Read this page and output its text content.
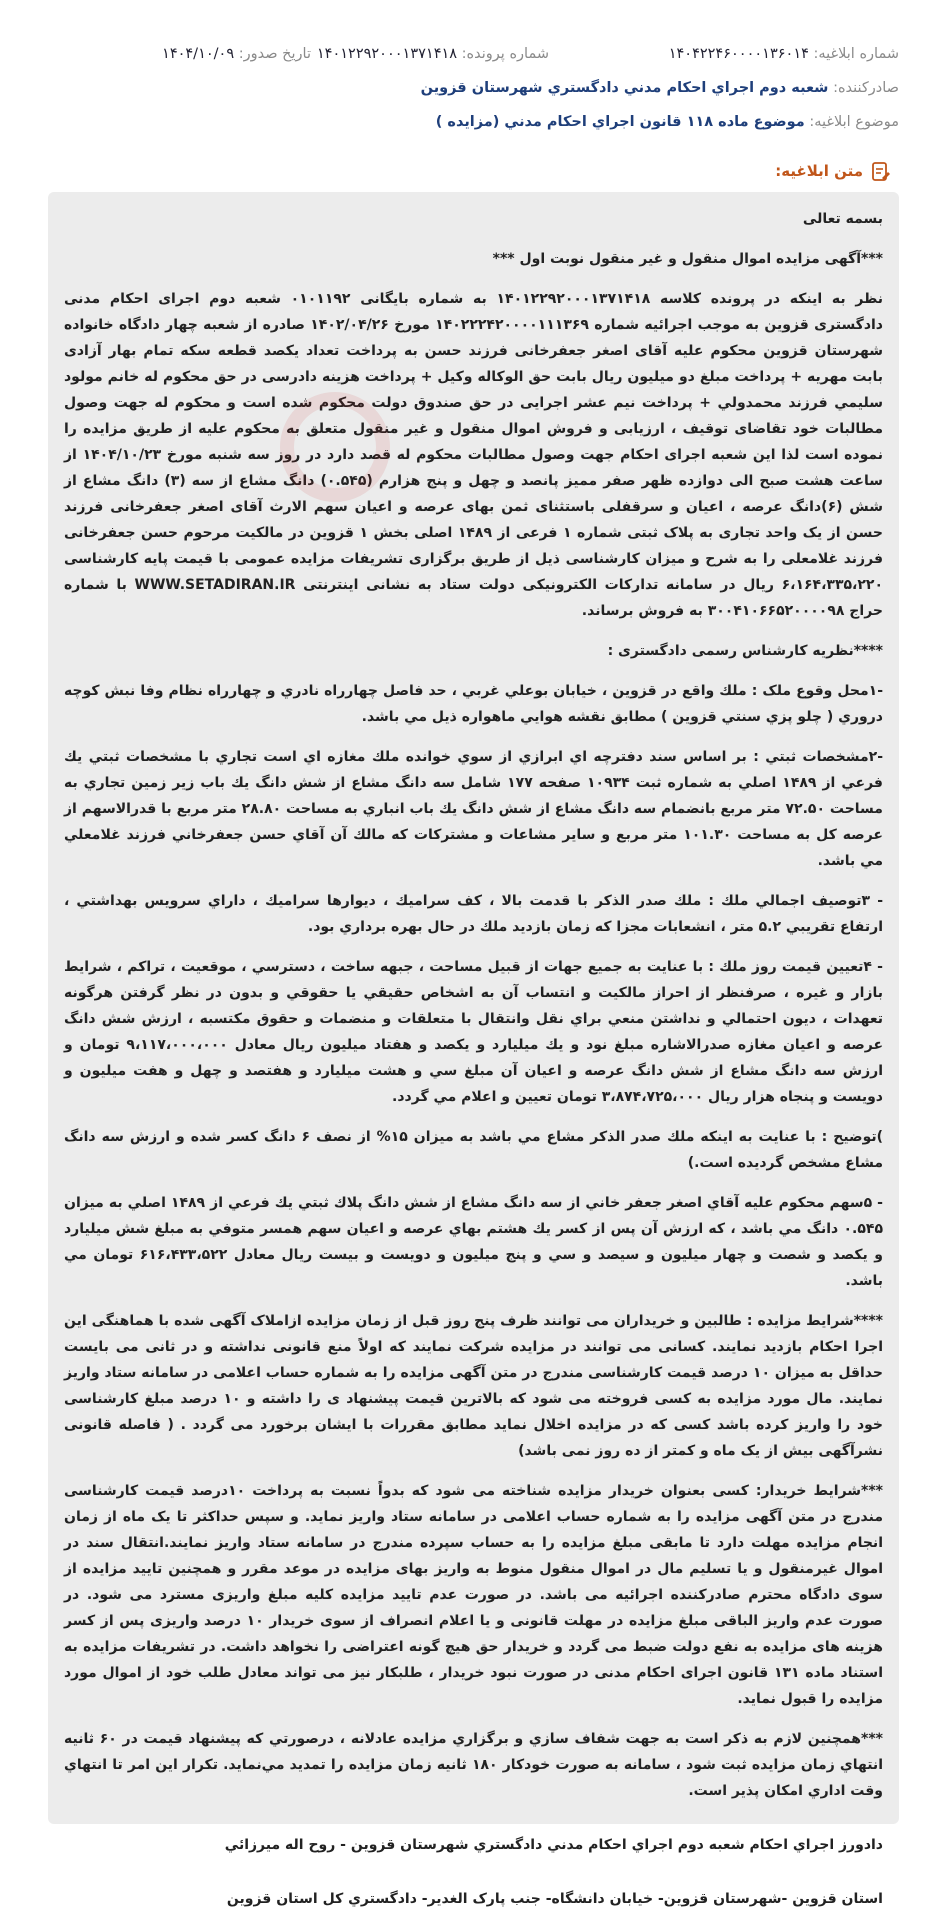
شماره ابلاغيه: ۱۴۰۴۲۲۴۶۰۰۰۰۱۳۶۰۱۴
شماره پرونده: ۱۴۰۱۲۲۹۲۰۰۰۱۳۷۱۴۱۸
تاريخ صدور: ۱۴۰۴/۱۰/۰۹
صادرکننده: شعبه دوم اجراي احکام مدني دادگستري شهرستان قزوين
موضوع ابلاغيه: موضوع ماده ۱۱۸ قانون اجراي احکام مدني (مزايده )
متن ابلاغيه:

بسمه تعالی

***آگهی مزایده اموال منقول و غیر منقول نوبت اول ***

نظر به اینکه در پرونده کلاسه ۱۴۰۱۲۲۹۲۰۰۰۱۳۷۱۴۱۸ به شماره بایگانی ۰۱۰۱۱۹۲ شعبه دوم اجرای احکام مدنی دادگستری قزوین به موجب اجرائیه شماره ۱۴۰۲۲۲۴۲۰۰۰۰۱۱۱۳۶۹ مورخ ۱۴۰۲/۰۴/۲۶ صادره از شعبه چهار دادگاه خانواده شهرستان قزوین محکوم علیه آقای اصغر جعفرخانی فرزند حسن به پرداخت تعداد یکصد قطعه سکه تمام بهار آزادی بابت مهریه + پرداخت مبلغ دو میلیون ریال بابت حق الوکاله وکیل + پرداخت هزینه دادرسی در حق محکوم له خانم مولود سلیمي فرزند محمدولي + پرداخت نیم عشر اجرایی در حق صندوق دولت محکوم شده است و محکوم له جهت وصول مطالبات خود تقاضای توقیف ، ارزیابی و فروش اموال منقول و غیر منقول متعلق به محکوم علیه از طریق مزایده را نموده است لذا این شعبه اجرای احکام جهت وصول مطالبات محکوم له قصد دارد در روز سه شنبه مورخ ۱۴۰۴/۱۰/۲۳ از ساعت هشت صبح الی دوازده ظهر صفر ممیز پانصد و چهل و پنج هزارم (۰.۵۴۵) دانگ مشاع از سه (۳) دانگ مشاع از شش (۶)دانگ عرصه ، اعیان و سرقفلی باستثنای ثمن بهای عرصه و اعیان سهم الارث آقای اصغر جعفرخانی فرزند حسن از یک واحد تجاری به پلاک ثبتی شماره ۱ فرعی از ۱۴۸۹ اصلی بخش ۱ قزوین در مالکیت مرحوم حسن جعفرخانی فرزند غلامعلی را به شرح و میزان کارشناسی ذیل از طریق برگزاری تشریفات مزایده عمومی با قیمت پایه کارشناسی ۶،۱۶۴،۳۳۵،۲۲۰ ریال در سامانه تدارکات الکترونیکی دولت ستاد به نشانی اینترنتی WWW.SETADIRAN.IR با شماره حراج ۳۰۰۴۱۰۶۶۵۲۰۰۰۰۹۸ به فروش برساند.

****نظریه کارشناس رسمی دادگستری :

-۱محل وقوع ملک : ملك واقع در قزوين ، خيابان بوعلي غربي ، حد فاصل چهارراه نادري و چهارراه نظام وفا نبش كوچه دروري ( چلو پزي سنتي قزوين ) مطابق نقشه هوايي ماهواره ذيل مي باشد.

-۲مشخصات ثبتي : بر اساس سند دفترچه اي ابرازي از سوي خوانده ملك مغازه اي است تجاري با مشخصات ثبتي يك فرعي از ۱۴۸۹ اصلي به شماره ثبت ۱۰۹۳۴ صفحه ۱۷۷ شامل سه دانگ مشاع از شش دانگ يك باب زير زمين تجاري به مساحت ۷۲.۵۰ متر مربع بانضمام سه دانگ مشاع از شش دانگ يك باب انباري به مساحت ۲۸.۸۰ متر مربع با قدرالاسهم از عرصه كل به مساحت ۱۰۱.۳۰ متر مربع و ساير مشاعات و مشتركات كه مالك آن آقاي حسن جعفرخاني فرزند غلامعلي مي باشد.

- ۳توصيف اجمالي ملك : ملك صدر الذكر با قدمت بالا ، كف سراميك ، ديوارها سراميك ، داراي سرويس بهداشتي ، ارتفاع تقريبي ۵.۲ متر ، انشعابات مجزا كه زمان بازديد ملك در حال بهره برداري بود.

- ۴تعيين قيمت روز ملك : با عنايت به جميع جهات از قبيل مساحت ، جبهه ساخت ، دسترسي ، موقعيت ، تراكم ، شرايط بازار و غيره ، صرفنظر از احراز مالكيت و انتساب آن به اشخاص حقيقي يا حقوقي و بدون در نظر گرفتن هرگونه تعهدات ، ديون احتمالي و نداشتن منعي براي نقل وانتقال با متعلقات و منضمات و حقوق مكتسبه ، ارزش شش دانگ عرصه و اعيان مغازه صدرالاشاره مبلغ نود و يك ميليارد و يكصد و هفتاد ميليون ريال معادل ۹،۱۱۷،۰۰۰،۰۰۰ تومان و ارزش سه دانگ مشاع از شش دانگ عرصه و اعيان آن مبلغ سي و هشت ميليارد و هفتصد و چهل و هفت ميليون و دويست و پنجاه هزار ريال ۳،۸۷۴،۷۲۵،۰۰۰ تومان تعيين و اعلام مي گردد.

)توضيح : با عنايت به اينكه ملك صدر الذكر مشاع مي باشد به ميزان ۱۵% از نصف ۶ دانگ كسر شده و ارزش سه دانگ مشاع مشخص گرديده است.)

- ۵سهم محكوم عليه آقاي اصغر جعفر خاني از سه دانگ مشاع از شش دانگ پلاك ثبتي يك فرعي از ۱۴۸۹ اصلي به ميزان ۰.۵۴۵ دانگ مي باشد ، كه ارزش آن پس از كسر يك هشتم بهاي عرصه و اعيان سهم همسر متوفي به مبلغ شش ميليارد و يكصد و شصت و چهار ميليون و سيصد و سي و پنج ميليون و دويست و بيست ريال معادل ۶۱۶،۴۳۳،۵۲۲ تومان مي باشد.

****شرایط مزایده : طالبین و خریداران می توانند ظرف پنج روز قبل از زمان مزایده ازاملاک آگهی شده با هماهنگی این اجرا احکام بازدید نمایند. کسانی می توانند در مزایده شرکت نمایند که اولاً منع قانونی نداشته و در ثانی می بایست حداقل به میزان ۱۰ درصد قیمت کارشناسی مندرج در متن آگهی مزایده را به شماره حساب اعلامی در سامانه ستاد واریز نمایند. مال مورد مزایده به کسی فروخته می شود که بالاترین قیمت پیشنهاد ی را داشته و ۱۰ درصد مبلغ کارشناسی خود را واریز کرده باشد کسی که در مزایده اخلال نماید مطابق مقررات با ایشان برخورد می گردد . ( فاصله قانونی نشرآگهی بیش از یک ماه و کمتر از ده روز نمی باشد)

***شرایط خریدار: کسی بعنوان خریدار مزایده شناخته می شود که بدواً نسبت به پرداخت ۱۰درصد قیمت کارشناسی مندرج در متن آگهی مزایده را به شماره حساب اعلامی در سامانه ستاد واریز نماید. و سپس حداکثر تا یک ماه از زمان انجام مزایده مهلت دارد تا مابقی مبلغ مزایده را به حساب سپرده مندرج در سامانه ستاد واریز نمایند.انتقال سند در اموال غیرمنقول و یا تسلیم مال در اموال منقول منوط به واریز بهای مزایده در موعد مقرر و همچنین تایید مزایده از سوی دادگاه محترم صادرکننده اجرائیه می باشد. در صورت عدم تایید مزایده کلیه مبلغ واریزی مسترد می شود. در صورت عدم واریز الباقی مبلغ مزایده در مهلت قانونی و یا اعلام انصراف از سوی خریدار ۱۰ درصد واریزی پس از کسر هزینه های مزایده به نفع دولت ضبط می گردد و خریدار حق هیچ گونه اعتراضی را نخواهد داشت. در تشریفات مزایده به استناد ماده ۱۳۱ قانون اجرای احکام مدنی در صورت نبود خریدار ، طلبکار نیز می تواند معادل طلب خود از اموال مورد مزایده را قبول نماید.

***همچنین لازم به ذکر است به جهت شفاف سازي و برگزاري مزايده عادلانه ، درصورتي که پيشنهاد قيمت در ۶۰ ثانيه انتهاي زمان مزايده ثبت شود ، سامانه به صورت خودکار ۱۸۰ ثانيه زمان مزايده را تمديد مي‌نمايد. تکرار اين امر تا انتهاي وقت اداري امکان پذير است.

دادورز اجراي احكام شعبه دوم اجراي احكام مدني دادگستري شهرستان قزوين - روح اله ميرزائي

استان قزوین -شهرستان قزوین- خیابان دانشگاه- جنب پارک الغدیر- دادگستري کل استان قزوین
